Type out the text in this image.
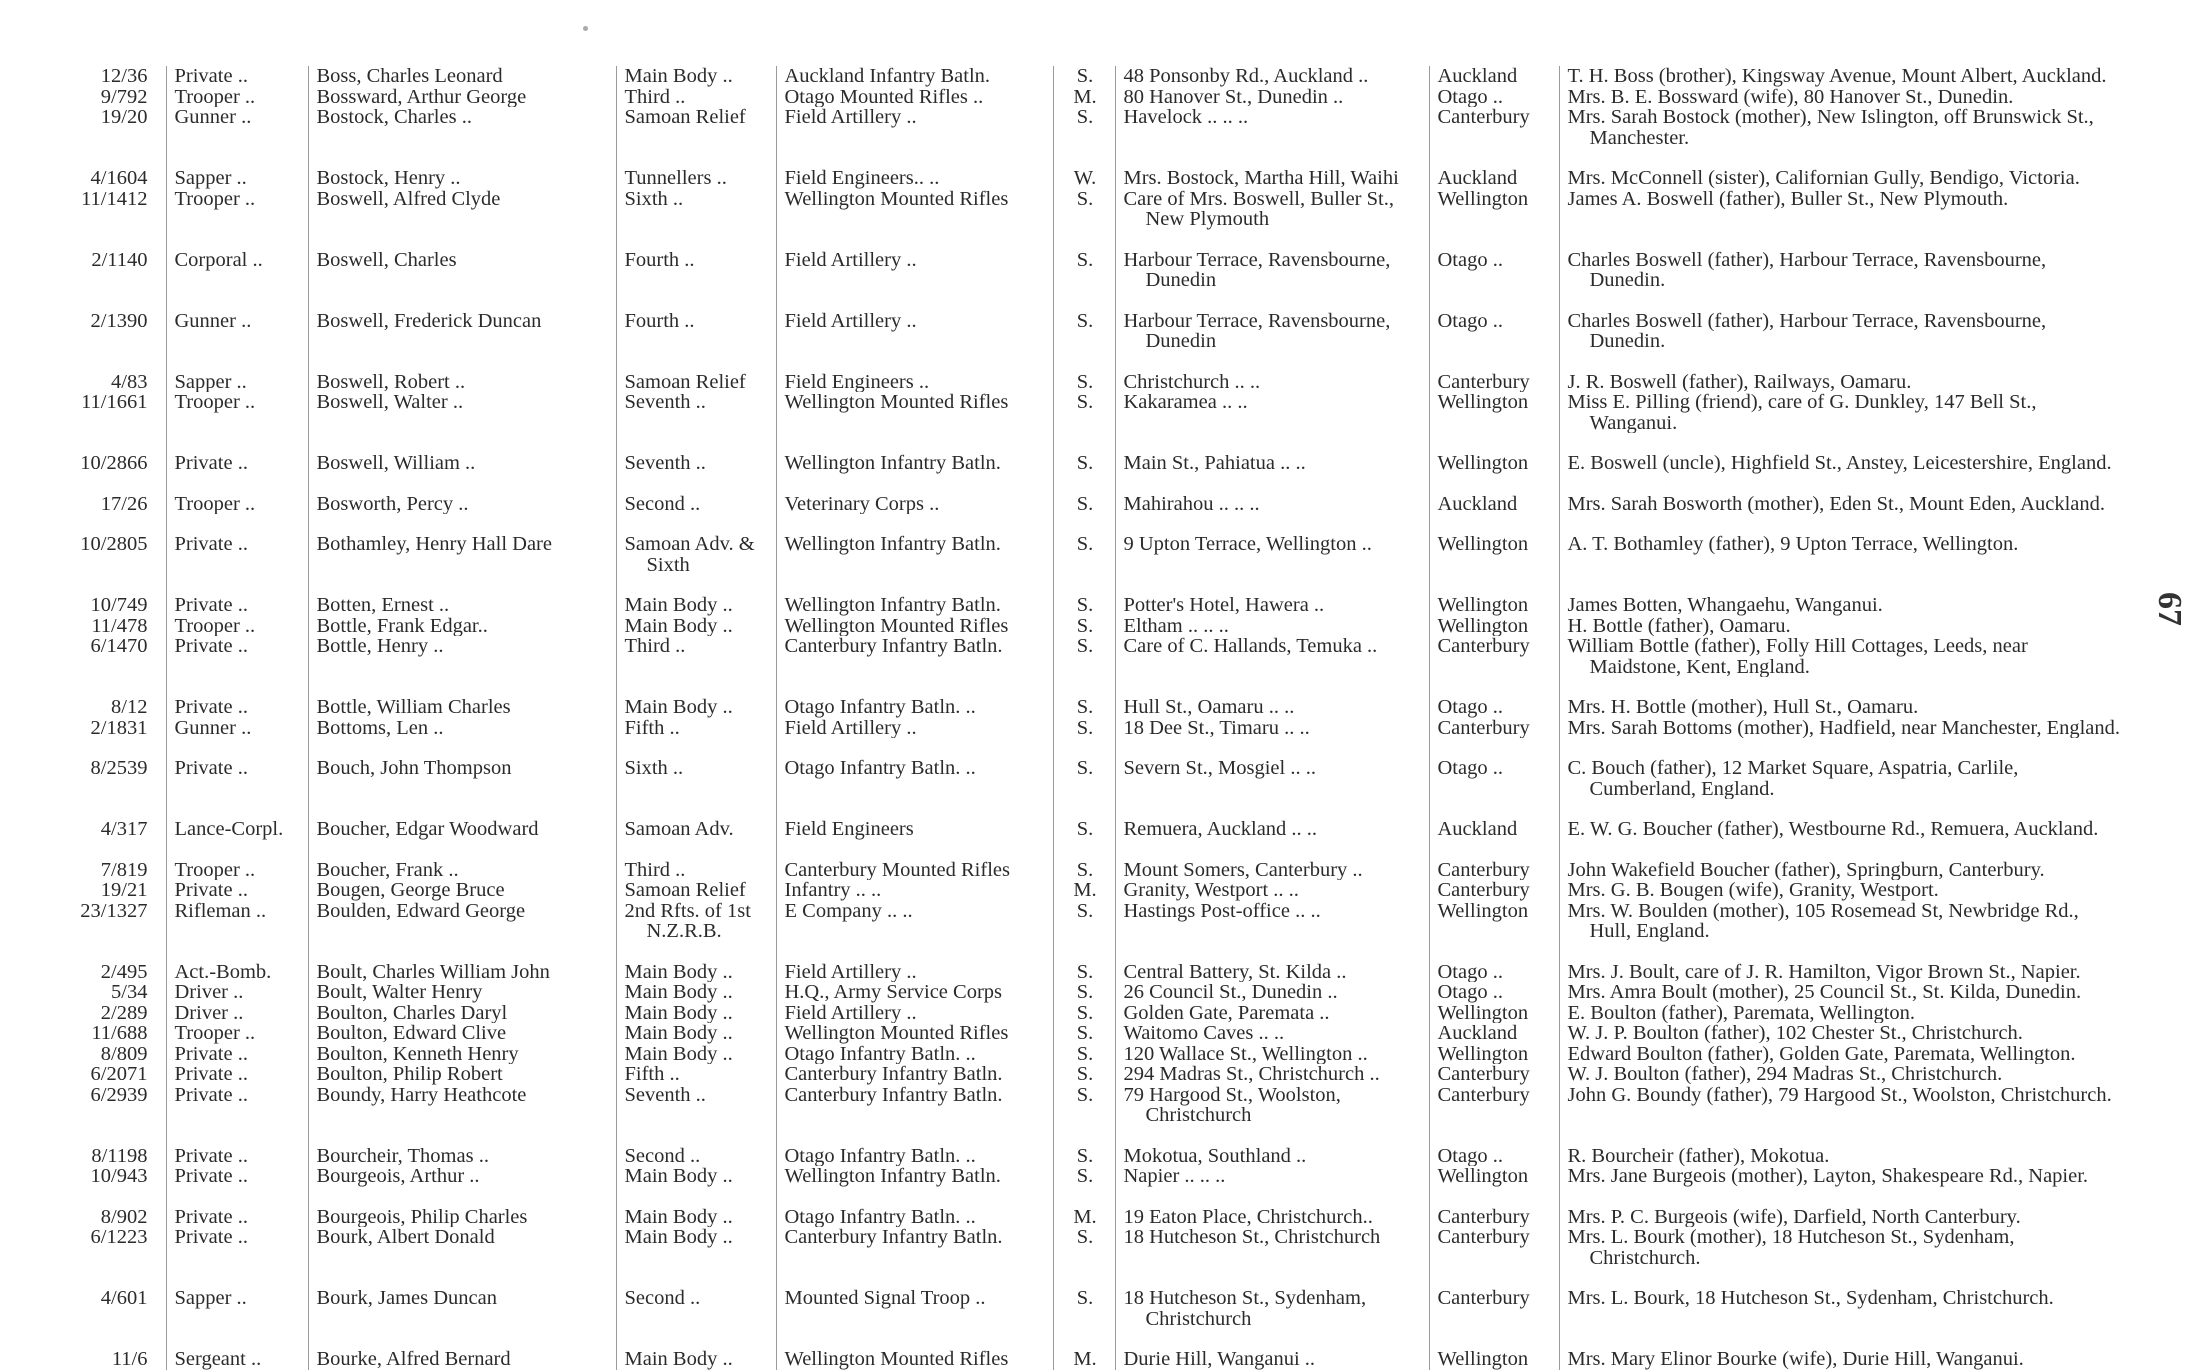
12/36	Private ..	Boss, Charles Leonard	Main Body ..	Auckland Infantry Batln.	S.	48 Ponsonby Rd., Auckland ..	Auckland	T. H. Boss (brother), Kingsway Avenue, Mount Albert, Auckland.

9/792	Trooper ..	Bossward, Arthur George	Third ..	Otago Mounted Rifles ..	M.	80 Hanover St., Dunedin ..	Otago ..	Mrs. B. E. Bossward (wife), 80 Hanover St., Dunedin.

19/20	Gunner ..	Bostock, Charles ..	Samoan Relief	Field Artillery ..	S.	Havelock .. .. ..	Canterbury	Mrs. Sarah Bostock (mother), New Islington, off Brunswick St., Manchester.

4/1604	Sapper ..	Bostock, Henry ..	Tunnellers ..	Field Engineers.. ..	W.	Mrs. Bostock, Martha Hill, Waihi	Auckland	Mrs. McConnell (sister), Californian Gully, Bendigo, Victoria.

11/1412	Trooper ..	Boswell, Alfred Clyde	Sixth ..	Wellington Mounted Rifles	S.	Care of Mrs. Boswell, Buller St., New Plymouth	Wellington	James A. Boswell (father), Buller St., New Plymouth.

2/1140	Corporal ..	Boswell, Charles	Fourth ..	Field Artillery ..	S.	Harbour Terrace, Ravensbourne, Dunedin	Otago ..	Charles Boswell (father), Harbour Terrace, Ravensbourne, Dunedin.

2/1390	Gunner ..	Boswell, Frederick Duncan	Fourth ..	Field Artillery ..	S.	Harbour Terrace, Ravensbourne, Dunedin	Otago ..	Charles Boswell (father), Harbour Terrace, Ravensbourne, Dunedin.

4/83	Sapper ..	Boswell, Robert ..	Samoan Relief	Field Engineers ..	S.	Christchurch .. ..	Canterbury	J. R. Boswell (father), Railways, Oamaru.

11/1661	Trooper ..	Boswell, Walter ..	Seventh ..	Wellington Mounted Rifles	S.	Kakaramea .. ..	Wellington	Miss E. Pilling (friend), care of G. Dunkley, 147 Bell St., Wanganui.

10/2866	Private ..	Boswell, William ..	Seventh ..	Wellington Infantry Batln.	S.	Main St., Pahiatua .. ..	Wellington	E. Boswell (uncle), Highfield St., Anstey, Leicestershire, England.

17/26	Trooper ..	Bosworth, Percy ..	Second ..	Veterinary Corps ..	S.	Mahirahou .. .. ..	Auckland	Mrs. Sarah Bosworth (mother), Eden St., Mount Eden, Auckland.

10/2805	Private ..	Bothamley, Henry Hall Dare	Samoan Adv. & Sixth	Wellington Infantry Batln.	S.	9 Upton Terrace, Wellington ..	Wellington	A. T. Bothamley (father), 9 Upton Terrace, Wellington.

10/749	Private ..	Botten, Ernest ..	Main Body ..	Wellington Infantry Batln.	S.	Potter's Hotel, Hawera ..	Wellington	James Botten, Whangaehu, Wanganui.

11/478	Trooper ..	Bottle, Frank Edgar..	Main Body ..	Wellington Mounted Rifles	S.	Eltham .. .. ..	Wellington	H. Bottle (father), Oamaru.

6/1470	Private ..	Bottle, Henry ..	Third ..	Canterbury Infantry Batln.	S.	Care of C. Hallands, Temuka ..	Canterbury	William Bottle (father), Folly Hill Cottages, Leeds, near Maidstone, Kent, England.

8/12	Private ..	Bottle, William Charles	Main Body ..	Otago Infantry Batln. ..	S.	Hull St., Oamaru .. ..	Otago ..	Mrs. H. Bottle (mother), Hull St., Oamaru.

2/1831	Gunner ..	Bottoms, Len ..	Fifth ..	Field Artillery ..	S.	18 Dee St., Timaru .. ..	Canterbury	Mrs. Sarah Bottoms (mother), Hadfield, near Manchester, England.

8/2539	Private ..	Bouch, John Thompson	Sixth ..	Otago Infantry Batln. ..	S.	Severn St., Mosgiel .. ..	Otago ..	C. Bouch (father), 12 Market Square, Aspatria, Carlile, Cumberland, England.

4/317	Lance-Corpl.	Boucher, Edgar Woodward	Samoan Adv.	Field Engineers	S.	Remuera, Auckland .. ..	Auckland	E. W. G. Boucher (father), Westbourne Rd., Remuera, Auckland.

7/819	Trooper ..	Boucher, Frank ..	Third ..	Canterbury Mounted Rifles	S.	Mount Somers, Canterbury ..	Canterbury	John Wakefield Boucher (father), Springburn, Canterbury.

19/21	Private ..	Bougen, George Bruce	Samoan Relief	Infantry .. ..	M.	Granity, Westport .. ..	Canterbury	Mrs. G. B. Bougen (wife), Granity, Westport.

23/1327	Rifleman ..	Boulden, Edward George	2nd Rfts. of 1st N.Z.R.B.	E Company .. ..	S.	Hastings Post-office .. ..	Wellington	Mrs. W. Boulden (mother), 105 Rosemead St, Newbridge Rd., Hull, England.

2/495	Act.-Bomb.	Boult, Charles William John	Main Body ..	Field Artillery ..	S.	Central Battery, St. Kilda ..	Otago ..	Mrs. J. Boult, care of J. R. Hamilton, Vigor Brown St., Napier.

5/34	Driver ..	Boult, Walter Henry	Main Body ..	H.Q., Army Service Corps	S.	26 Council St., Dunedin ..	Otago ..	Mrs. Amra Boult (mother), 25 Council St., St. Kilda, Dunedin.

2/289	Driver ..	Boulton, Charles Daryl	Main Body ..	Field Artillery ..	S.	Golden Gate, Paremata ..	Wellington	E. Boulton (father), Paremata, Wellington.

11/688	Trooper ..	Boulton, Edward Clive	Main Body ..	Wellington Mounted Rifles	S.	Waitomo Caves .. ..	Auckland	W. J. P. Boulton (father), 102 Chester St., Christchurch.

8/809	Private ..	Boulton, Kenneth Henry	Main Body ..	Otago Infantry Batln. ..	S.	120 Wallace St., Wellington ..	Wellington	Edward Boulton (father), Golden Gate, Paremata, Wellington.

6/2071	Private ..	Boulton, Philip Robert	Fifth ..	Canterbury Infantry Batln.	S.	294 Madras St., Christchurch ..	Canterbury	W. J. Boulton (father), 294 Madras St., Christchurch.

6/2939	Private ..	Boundy, Harry Heathcote	Seventh ..	Canterbury Infantry Batln.	S.	79 Hargood St., Woolston, Christchurch	Canterbury	John G. Boundy (father), 79 Hargood St., Woolston, Christchurch.

8/1198	Private ..	Bourcheir, Thomas ..	Second ..	Otago Infantry Batln. ..	S.	Mokotua, Southland ..	Otago ..	R. Bourcheir (father), Mokotua.

10/943	Private ..	Bourgeois, Arthur ..	Main Body ..	Wellington Infantry Batln.	S.	Napier .. .. ..	Wellington	Mrs. Jane Burgeois (mother), Layton, Shakespeare Rd., Napier.

8/902	Private ..	Bourgeois, Philip Charles	Main Body ..	Otago Infantry Batln. ..	M.	19 Eaton Place, Christchurch..	Canterbury	Mrs. P. C. Burgeois (wife), Darfield, North Canterbury.

6/1223	Private ..	Bourk, Albert Donald	Main Body ..	Canterbury Infantry Batln.	S.	18 Hutcheson St., Christchurch	Canterbury	Mrs. L. Bourk (mother), 18 Hutcheson St., Sydenham, Christchurch.

4/601	Sapper ..	Bourk, James Duncan	Second ..	Mounted Signal Troop ..	S.	18 Hutcheson St., Sydenham, Christchurch	Canterbury	Mrs. L. Bourk, 18 Hutcheson St., Sydenham, Christchurch.

11/6	Sergeant ..	Bourke, Alfred Bernard	Main Body ..	Wellington Mounted Rifles	M.	Durie Hill, Wanganui ..	Wellington	Mrs. Mary Elinor Bourke (wife), Durie Hill, Wanganui.
67
